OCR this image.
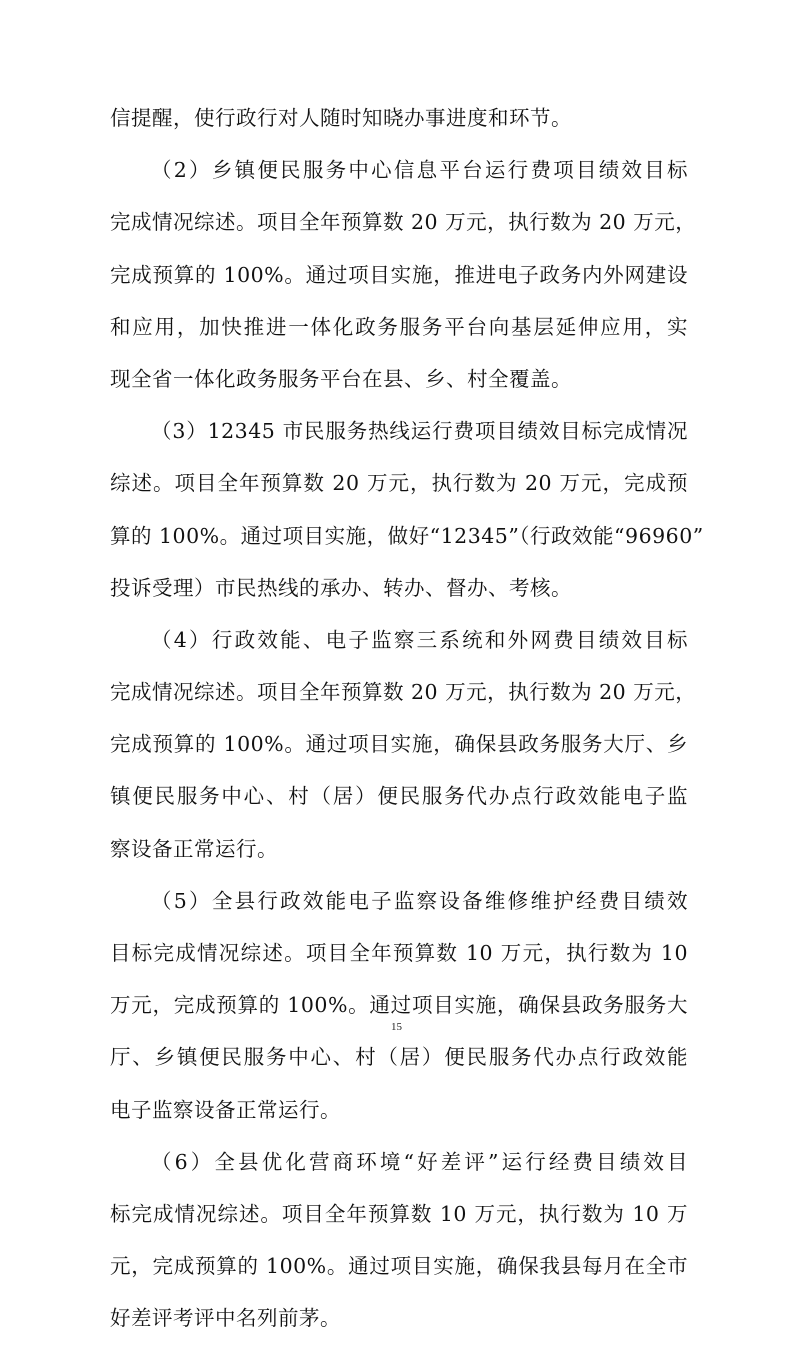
信提醒，使行政行对人随时知晓办事进度和环节。
（2）乡镇便民服务中心信息平台运行费项目绩效目标
完成情况综述。项目全年预算数 20 万元，执行数为 20 万元，
完成预算的 100%。通过项目实施，推进电子政务内外网建设
和应用，加快推进一体化政务服务平台向基层延伸应用，实
现全省一体化政务服务平台在县、乡、村全覆盖。
（3）12345 市民服务热线运行费项目绩效目标完成情况
综述。项目全年预算数 20 万元，执行数为 20 万元，完成预
算的 100%。通过项目实施，做好“12345”（行政效能“96960”
投诉受理）市民热线的承办、转办、督办、考核。
（4）行政效能、电子监察三系统和外网费目绩效目标
完成情况综述。项目全年预算数 20 万元，执行数为 20 万元，
完成预算的 100%。通过项目实施，确保县政务服务大厅、乡
镇便民服务中心、村（居）便民服务代办点行政效能电子监
察设备正常运行。
（5）全县行政效能电子监察设备维修维护经费目绩效
目标完成情况综述。项目全年预算数 10 万元，执行数为 10
万元，完成预算的 100%。通过项目实施，确保县政务服务大
厅、乡镇便民服务中心、村（居）便民服务代办点行政效能
电子监察设备正常运行。
（6）全县优化营商环境“好差评”运行经费目绩效目
标完成情况综述。项目全年预算数 10 万元，执行数为 10 万
元，完成预算的 100%。通过项目实施，确保我县每月在全市
好差评考评中名列前茅。
15
